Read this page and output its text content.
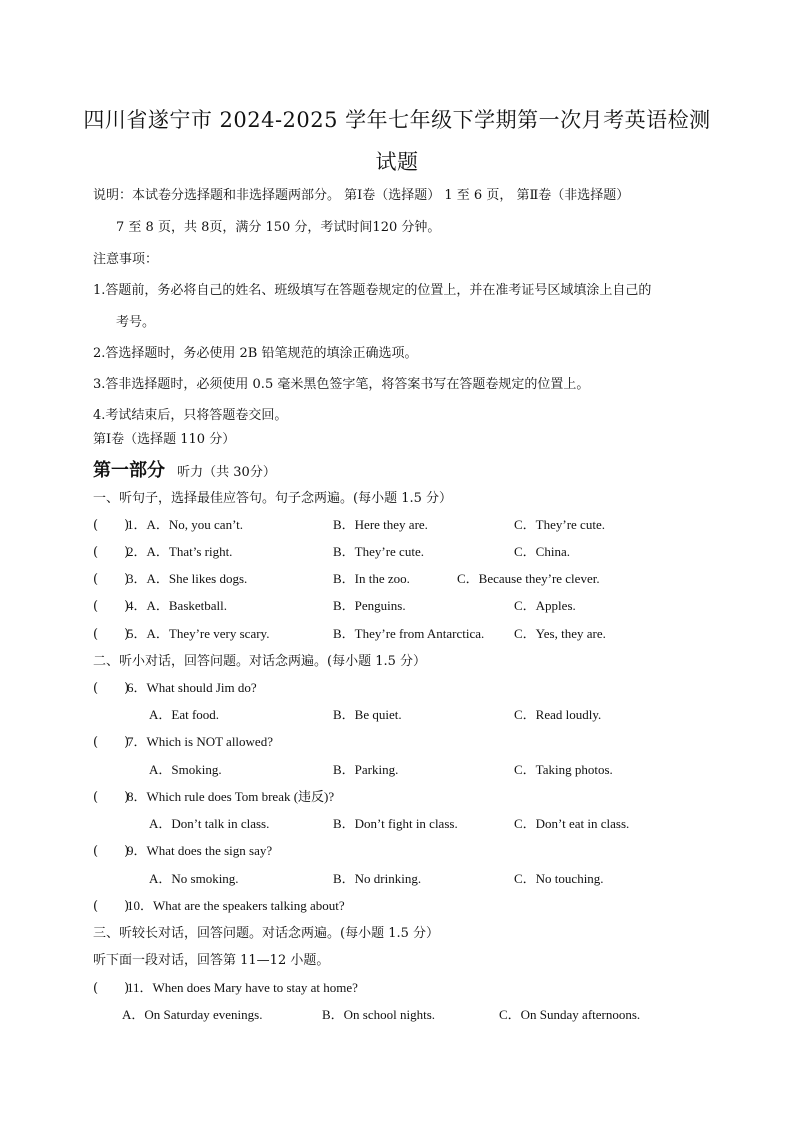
四川省遂宁市 2024-2025 学年七年级下学期第一次月考英语检测
试题
说明：本试卷分选择题和非选择题两部分。 第Ⅰ卷（选择题） 1 至 6 页， 第Ⅱ卷（非选择题）
7 至 8 页，共 8页，满分 150 分，考试时间120 分钟。
注意事项：
1.答题前，务必将自己的姓名、班级填写在答题卷规定的位置上，并在准考证号区域填涂上自己的
考号。
2.答选择题时，务必使用 2B 铅笔规范的填涂正确选项。
3.答非选择题时，必须使用 0.5 毫米黑色签字笔，将答案书写在答题卷规定的位置上。
4.考试结束后，只将答题卷交回。
第Ⅰ卷（选择题 110 分）
第一部分 听力（共 30分）
一、听句子，选择最佳应答句。句子念两遍。(每小题 1.5 分）
(　　)
1．A．No, you can’t.	B．Here they are.	C．They’re cute.
(　　)
2．A．That’s right.	B．They’re cute.	C．China.
(　　)
3．A．She likes dogs.	B．In the zoo.	C．Because they’re clever.
(　　)
4．A．Basketball.	B．Penguins.	C．Apples.
(　　)
5．A．They’re very scary.	B．They’re from Antarctica. C．Yes, they are.
二、听小对话，回答问题。对话念两遍。(每小题 1.5 分）
(　　)
6．What should Jim do?
A．Eat food.	B．Be quiet.	C．Read loudly.
(　　)
7．Which is NOT allowed?
A．Smoking.	B．Parking.	C．Taking photos.
(　　)
8．Which rule does Tom break (违反)?
A．Don’t talk in class.	B．Don’t fight in class.	C．Don’t eat in class.
(　　)
9．What does the sign say?
A．No smoking.	B．No drinking.	C．No touching.
(　　)
10．What are the speakers talking about?
三、听较长对话，回答问题。对话念两遍。(每小题 1.5 分）
听下面一段对话，回答第 11—12 小题。
(　　)
11．When does Mary have to stay at home?
A．On Saturday evenings.	B．On school nights.	C．On Sunday afternoons.
